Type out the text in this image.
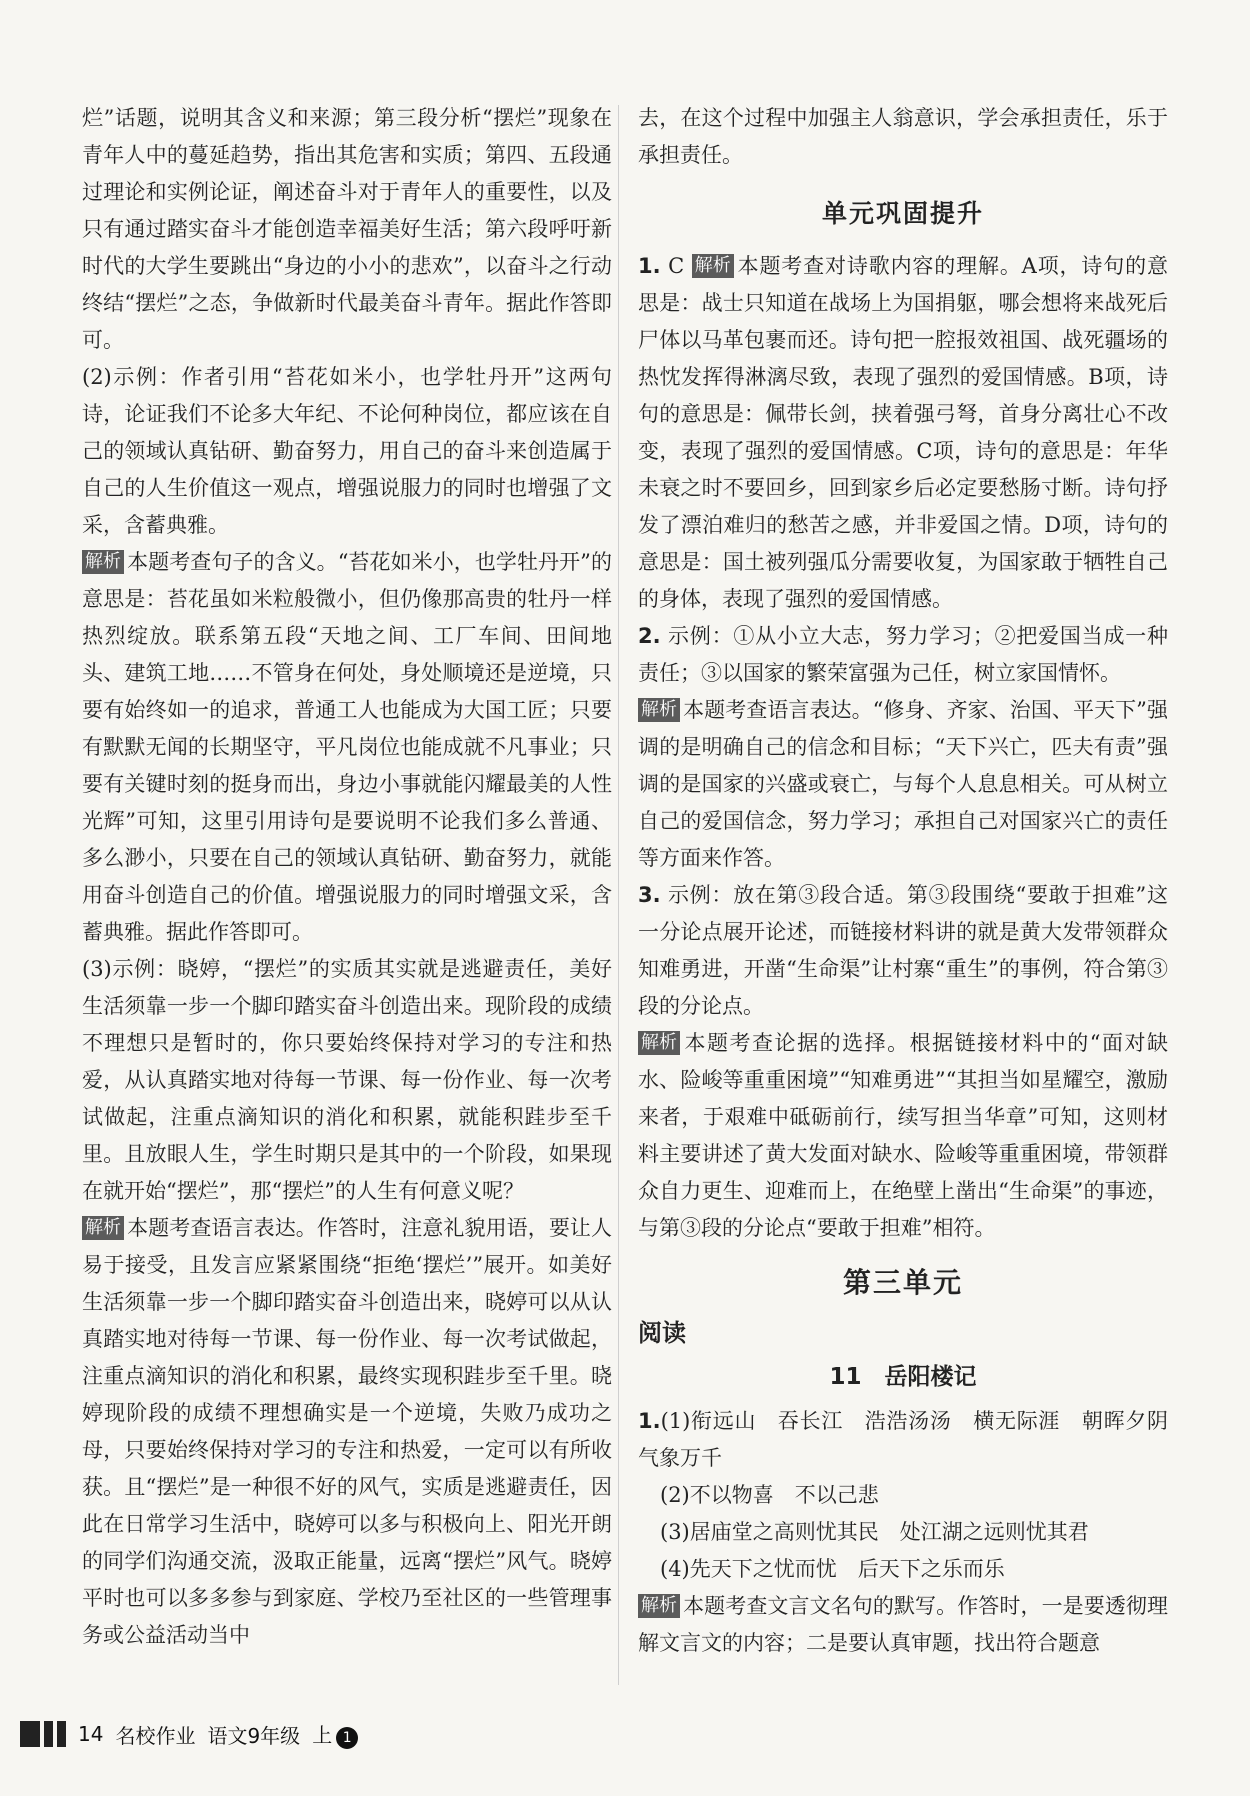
烂”话题，说明其含义和来源；第三段分析“摆烂”现象在青年人中的蔓延趋势，指出其危害和实质；第四、五段通过理论和实例论证，阐述奋斗对于青年人的重要性，以及只有通过踏实奋斗才能创造幸福美好生活；第六段呼吁新时代的大学生要跳出“身边的小小的悲欢”，以奋斗之行动终结“摆烂”之态，争做新时代最美奋斗青年。据此作答即可。

(2)示例：作者引用“苔花如米小，也学牡丹开”这两句诗，论证我们不论多大年纪、不论何种岗位，都应该在自己的领域认真钻研、勤奋努力，用自己的奋斗来创造属于自己的人生价值这一观点，增强说服力的同时也增强了文采，含蓄典雅。

解析 本题考查句子的含义。“苔花如米小，也学牡丹开”的意思是：苔花虽如米粒般微小，但仍像那高贵的牡丹一样热烈绽放。联系第五段“天地之间、工厂车间、田间地头、建筑工地……不管身在何处，身处顺境还是逆境，只要有始终如一的追求，普通工人也能成为大国工匠；只要有默默无闻的长期坚守，平凡岗位也能成就不凡事业；只要有关键时刻的挺身而出，身边小事就能闪耀最美的人性光辉”可知，这里引用诗句是要说明不论我们多么普通、多么渺小，只要在自己的领域认真钻研、勤奋努力，就能用奋斗创造自己的价值。增强说服力的同时增强文采，含蓄典雅。据此作答即可。

(3)示例：晓婷，“摆烂”的实质其实就是逃避责任，美好生活须靠一步一个脚印踏实奋斗创造出来。现阶段的成绩不理想只是暂时的，你只要始终保持对学习的专注和热爱，从认真踏实地对待每一节课、每一份作业、每一次考试做起，注重点滴知识的消化和积累，就能积跬步至千里。且放眼人生，学生时期只是其中的一个阶段，如果现在就开始“摆烂”，那“摆烂”的人生有何意义呢？

解析 本题考查语言表达。作答时，注意礼貌用语，要让人易于接受，且发言应紧紧围绕“拒绝‘摆烂’”展开。如美好生活须靠一步一个脚印踏实奋斗创造出来，晓婷可以从认真踏实地对待每一节课、每一份作业、每一次考试做起，注重点滴知识的消化和积累，最终实现积跬步至千里。晓婷现阶段的成绩不理想确实是一个逆境，失败乃成功之母，只要始终保持对学习的专注和热爱，一定可以有所收获。且“摆烂”是一种很不好的风气，实质是逃避责任，因此在日常学习生活中，晓婷可以多与积极向上、阳光开朗的同学们沟通交流，汲取正能量，远离“摆烂”风气。晓婷平时也可以多多参与到家庭、学校乃至社区的一些管理事务或公益活动当中

去，在这个过程中加强主人翁意识，学会承担责任，乐于承担责任。

单元巩固提升

1. C 解析 本题考查对诗歌内容的理解。A项，诗句的意思是：战士只知道在战场上为国捐躯，哪会想将来战死后尸体以马革包裹而还。诗句把一腔报效祖国、战死疆场的热忱发挥得淋漓尽致，表现了强烈的爱国情感。B项，诗句的意思是：佩带长剑，挟着强弓弩，首身分离壮心不改变，表现了强烈的爱国情感。C项，诗句的意思是：年华未衰之时不要回乡，回到家乡后必定要愁肠寸断。诗句抒发了漂泊难归的愁苦之感，并非爱国之情。D项，诗句的意思是：国土被列强瓜分需要收复，为国家敢于牺牲自己的身体，表现了强烈的爱国情感。

2. 示例：①从小立大志，努力学习；②把爱国当成一种责任；③以国家的繁荣富强为己任，树立家国情怀。

解析 本题考查语言表达。“修身、齐家、治国、平天下”强调的是明确自己的信念和目标；“天下兴亡，匹夫有责”强调的是国家的兴盛或衰亡，与每个人息息相关。可从树立自己的爱国信念，努力学习；承担自己对国家兴亡的责任等方面来作答。

3. 示例：放在第③段合适。第③段围绕“要敢于担难”这一分论点展开论述，而链接材料讲的就是黄大发带领群众知难勇进，开凿“生命渠”让村寨“重生”的事例，符合第③段的分论点。

解析 本题考查论据的选择。根据链接材料中的“面对缺水、险峻等重重困境”“知难勇进”“其担当如星耀空，激励来者，于艰难中砥砺前行，续写担当华章”可知，这则材料主要讲述了黄大发面对缺水、险峻等重重困境，带领群众自力更生、迎难而上，在绝壁上凿出“生命渠”的事迹，与第③段的分论点“要敢于担难”相符。

第三单元
阅读
11　岳阳楼记

1.(1)衔远山　吞长江　浩浩汤汤　横无际涯　朝晖夕阴　气象万千

(2)不以物喜　不以己悲

(3)居庙堂之高则忧其民　处江湖之远则忧其君

(4)先天下之忧而忧　后天下之乐而乐

解析 本题考查文言文名句的默写。作答时，一是要透彻理解文言文的内容；二是要认真审题，找出符合题意

14 名校作业 语文9年级 上 1
